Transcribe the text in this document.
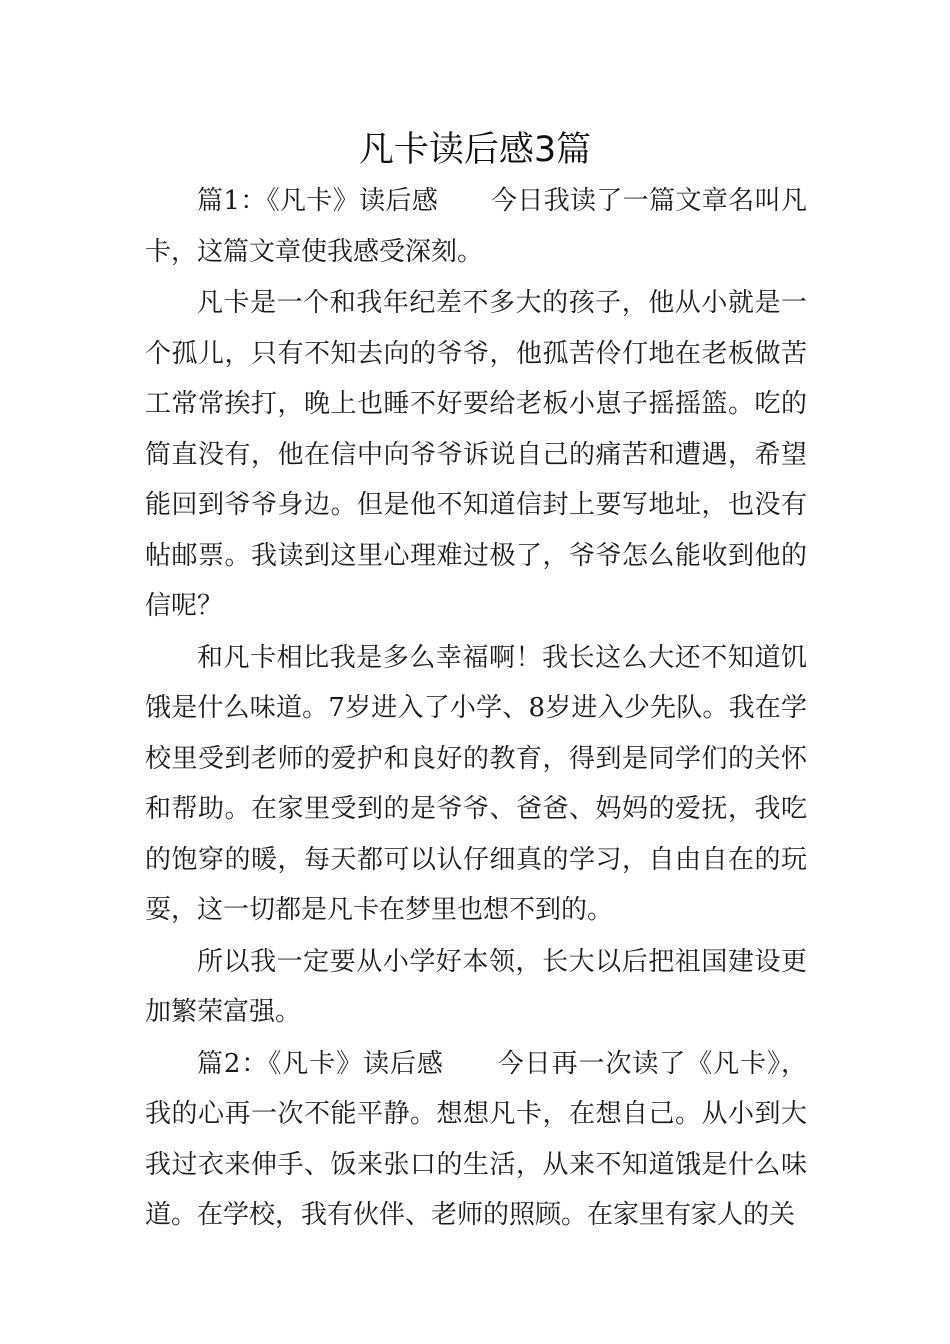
凡卡读后感3篇

篇1：《凡卡》读后感　　今日我读了一篇文章名叫凡卡，这篇文章使我感受深刻。

凡卡是一个和我年纪差不多大的孩子，他从小就是一个孤儿，只有不知去向的爷爷，他孤苦伶仃地在老板做苦工常常挨打，晚上也睡不好要给老板小崽子摇摇篮。吃的简直没有，他在信中向爷爷诉说自己的痛苦和遭遇，希望能回到爷爷身边。但是他不知道信封上要写地址，也没有帖邮票。我读到这里心理难过极了，爷爷怎么能收到他的信呢？

和凡卡相比我是多么幸福啊！我长这么大还不知道饥饿是什么味道。7岁进入了小学、8岁进入少先队。我在学校里受到老师的爱护和良好的教育，得到是同学们的关怀和帮助。在家里受到的是爷爷、爸爸、妈妈的爱抚，我吃的饱穿的暖，每天都可以认仔细真的学习，自由自在的玩耍，这一切都是凡卡在梦里也想不到的。

所以我一定要从小学好本领，长大以后把祖国建设更加繁荣富强。

篇2：《凡卡》读后感　　今日再一次读了《凡卡》，我的心再一次不能平静。想想凡卡，在想自己。从小到大我过衣来伸手、饭来张口的生活，从来不知道饿是什么味道。在学校，我有伙伴、老师的照顾。在家里有家人的关
